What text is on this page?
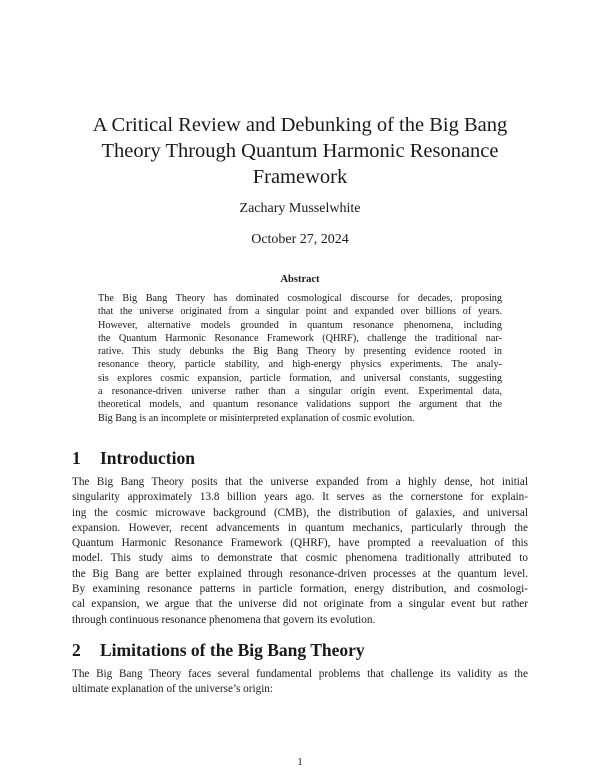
A Critical Review and Debunking of the Big Bang
Theory Through Quantum Harmonic Resonance
Framework
Zachary Musselwhite
October 27, 2024
Abstract
The Big Bang Theory has dominated cosmological discourse for decades, proposing
that the universe originated from a singular point and expanded over billions of years.
However, alternative models grounded in quantum resonance phenomena, including
the Quantum Harmonic Resonance Framework (QHRF), challenge the traditional nar-
rative. This study debunks the Big Bang Theory by presenting evidence rooted in
resonance theory, particle stability, and high-energy physics experiments. The analy-
sis explores cosmic expansion, particle formation, and universal constants, suggesting
a resonance-driven universe rather than a singular origin event. Experimental data,
theoretical models, and quantum resonance validations support the argument that the
Big Bang is an incomplete or misinterpreted explanation of cosmic evolution.
1 Introduction
The Big Bang Theory posits that the universe expanded from a highly dense, hot initial
singularity approximately 13.8 billion years ago. It serves as the cornerstone for explain-
ing the cosmic microwave background (CMB), the distribution of galaxies, and universal
expansion. However, recent advancements in quantum mechanics, particularly through the
Quantum Harmonic Resonance Framework (QHRF), have prompted a reevaluation of this
model. This study aims to demonstrate that cosmic phenomena traditionally attributed to
the Big Bang are better explained through resonance-driven processes at the quantum level.
By examining resonance patterns in particle formation, energy distribution, and cosmologi-
cal expansion, we argue that the universe did not originate from a singular event but rather
through continuous resonance phenomena that govern its evolution.
2 Limitations of the Big Bang Theory
The Big Bang Theory faces several fundamental problems that challenge its validity as the
ultimate explanation of the universe’s origin:
1
